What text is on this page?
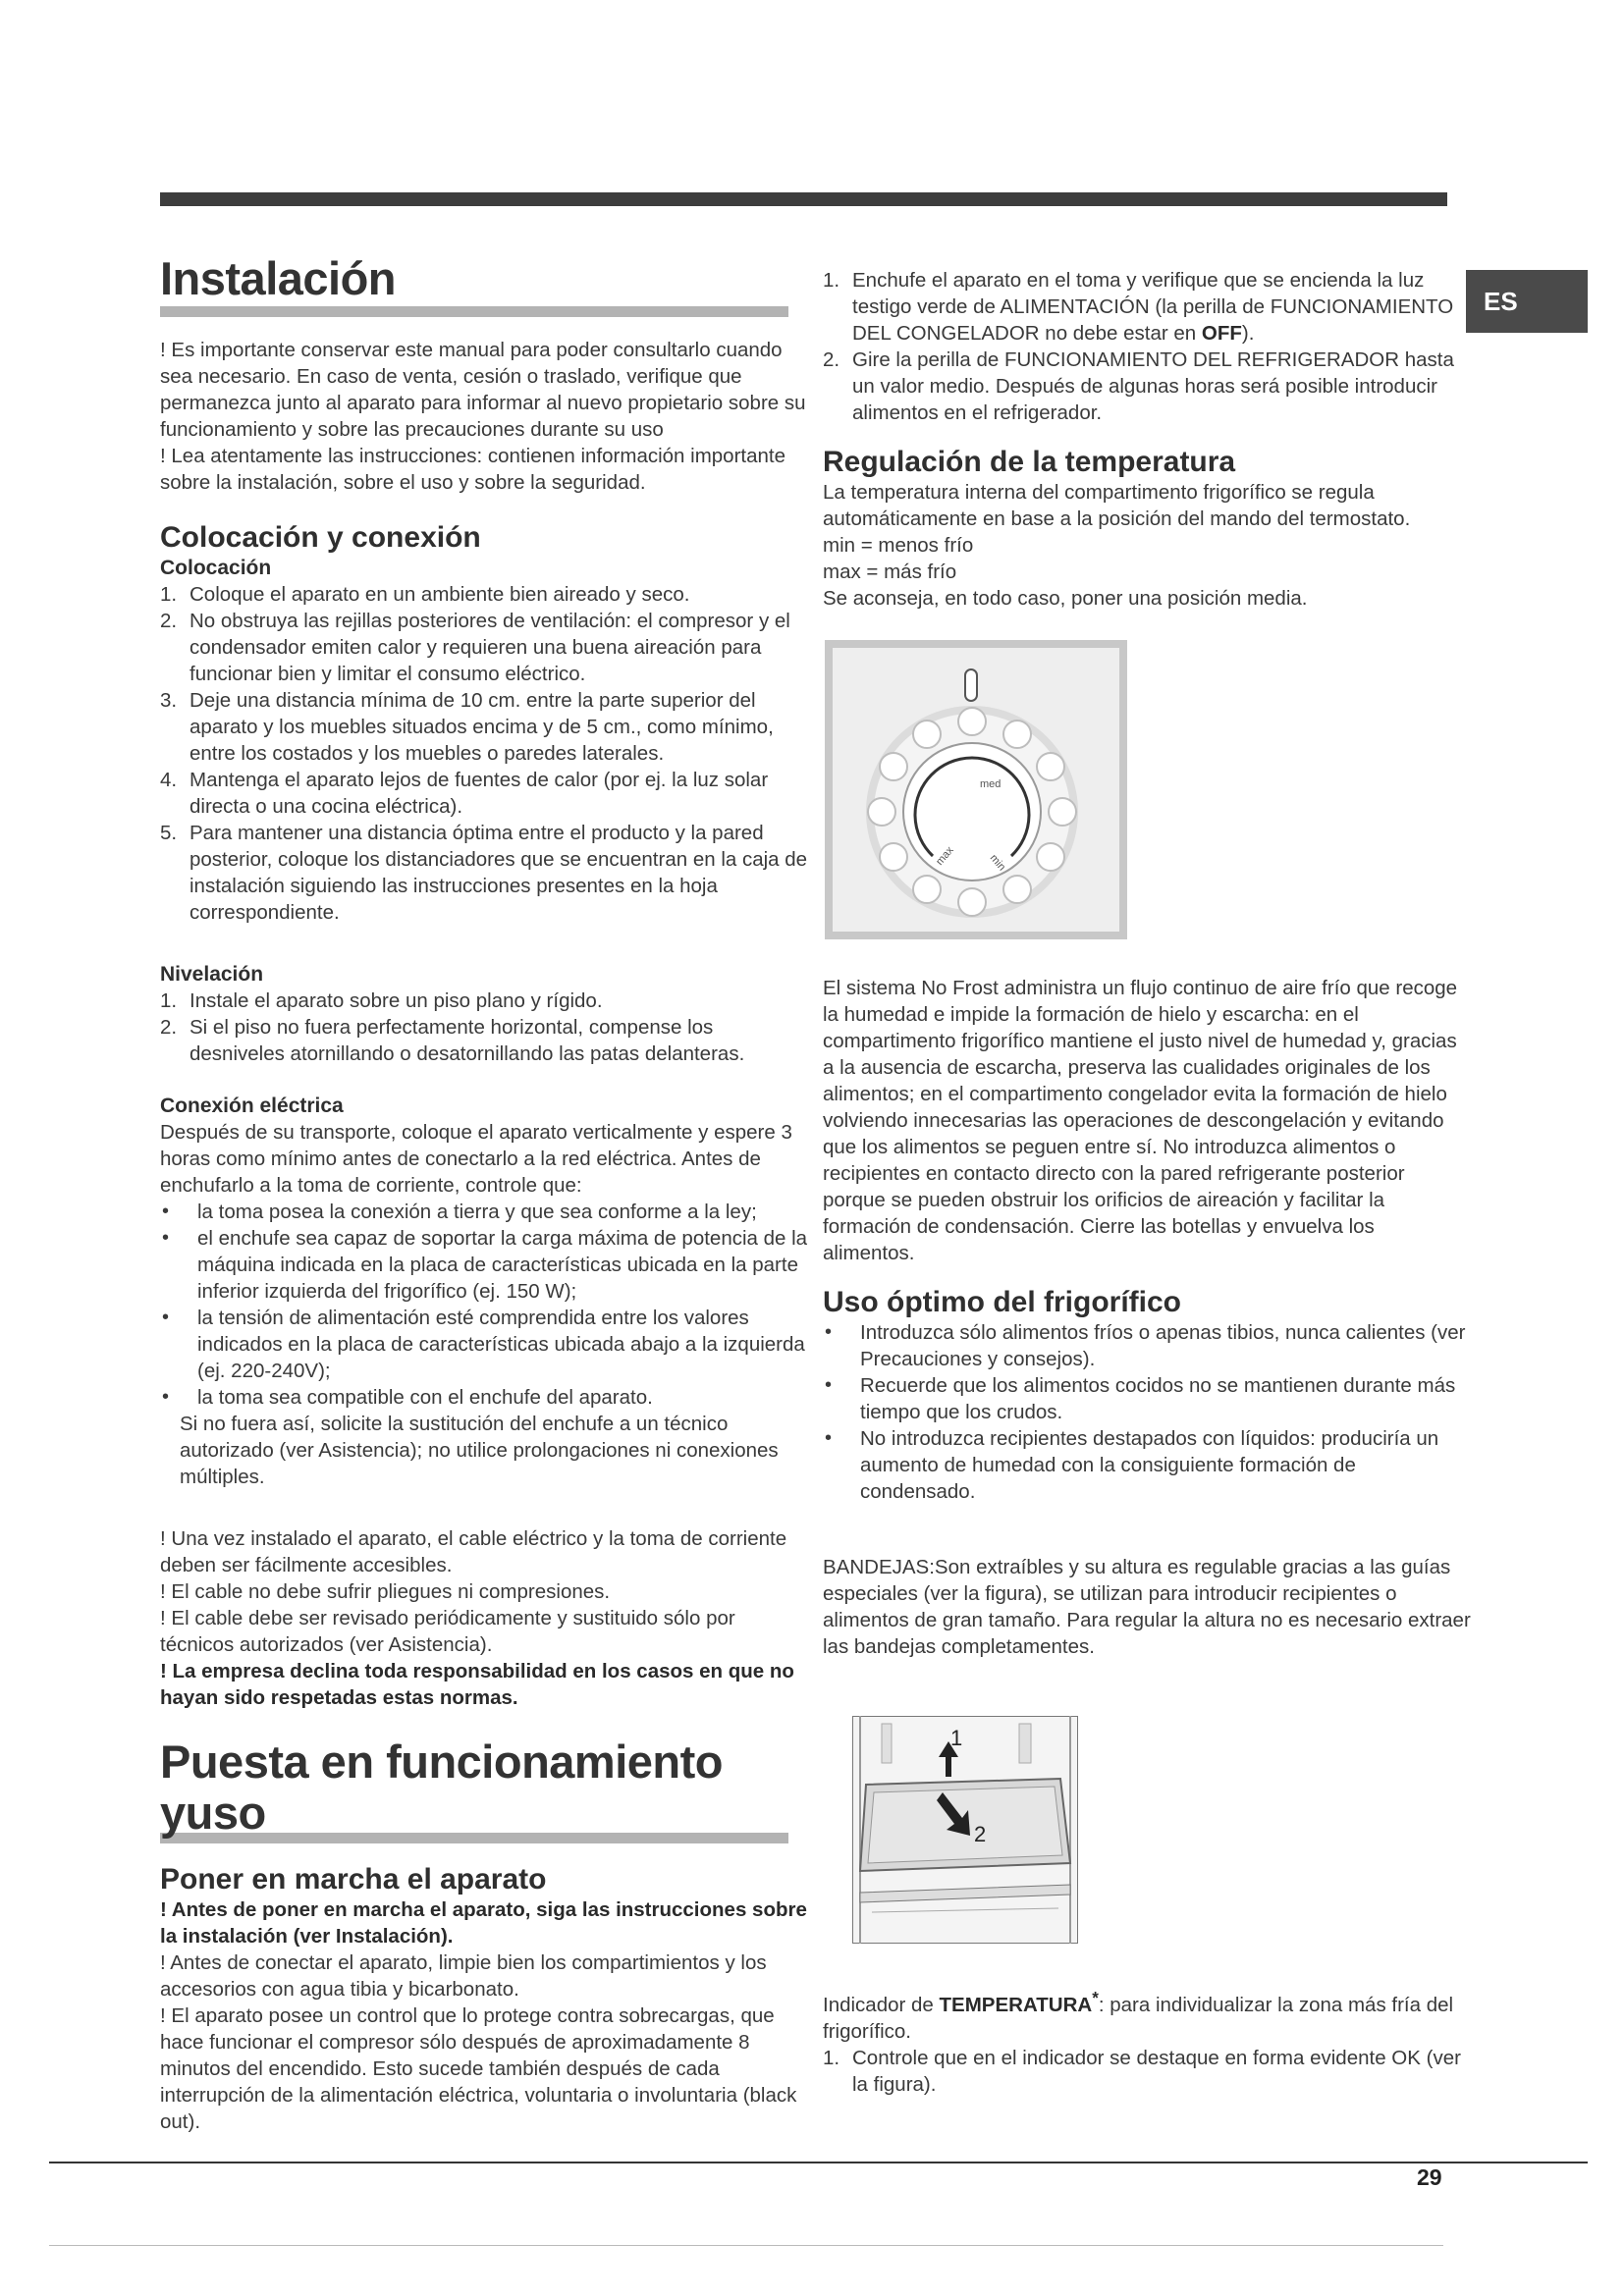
ES
Instalación

! Es importante conservar este manual para poder consultarlo cuando sea necesario. En caso de venta, cesión o traslado, verifique que permanezca junto al aparato para informar al nuevo propietario sobre su funcionamiento y sobre las precauciones durante su uso

! Lea atentamente las instrucciones: contienen información importante sobre la instalación, sobre el uso y sobre la seguridad.

Colocación y conexión
Colocación
1. Coloque el aparato en un ambiente bien aireado y seco.
2. No obstruya las rejillas posteriores de ventilación: el compresor y el condensador emiten calor y requieren una buena aireación para funcionar bien y limitar el consumo eléctrico.
3. Deje una distancia mínima de 10 cm. entre la parte superior del aparato y los muebles situados encima y de 5 cm., como mínimo, entre los costados y los muebles o paredes laterales.
4. Mantenga el aparato lejos de fuentes de calor (por ej. la luz solar directa o una cocina eléctrica).
5. Para mantener una distancia óptima entre el producto y la pared posterior, coloque los distanciadores que se encuentran en la caja de instalación siguiendo las instrucciones presentes en la hoja correspondiente.
Nivelación
1. Instale el aparato sobre un piso plano y rígido.
2. Si el piso no fuera perfectamente horizontal, compense los desniveles atornillando o desatornillando las patas delanteras.
Conexión eléctrica

Después de su transporte, coloque el aparato verticalmente y espere 3 horas como mínimo antes de conectarlo a la red eléctrica. Antes de enchufarlo a la toma de corriente, controle que:

• la toma posea la conexión a tierra y que sea conforme a la ley;
• el enchufe sea capaz de soportar la carga máxima de potencia de la máquina indicada en la placa de características ubicada en la parte inferior izquierda del frigorífico (ej. 150 W);
• la tensión de alimentación esté comprendida entre los valores indicados en la placa de características ubicada abajo a la izquierda (ej. 220-240V);
• la toma sea compatible con el enchufe del aparato.

Si no fuera así, solicite la sustitución del enchufe a un técnico autorizado (ver Asistencia); no utilice prolongaciones ni conexiones múltiples.

! Una vez instalado el aparato, el cable eléctrico y la toma de corriente deben ser fácilmente accesibles.

! El cable no debe sufrir pliegues ni compresiones.

! El cable debe ser revisado periódicamente y sustituido sólo por técnicos autorizados (ver Asistencia).

! La empresa declina toda responsabilidad en los casos en que no hayan sido respetadas estas normas.

Puesta en funcionamiento
yuso
Poner en marcha el aparato

! Antes de poner en marcha el aparato, siga las instrucciones sobre la instalación (ver Instalación).

! Antes de conectar el aparato, limpie bien los compartimientos y los accesorios con agua tibia y bicarbonato.

! El aparato posee un control que lo protege contra sobrecargas, que hace funcionar el compresor sólo después de aproximadamente 8 minutos del encendido. Esto sucede también después de cada interrupción de la alimentación eléctrica, voluntaria o involuntaria (black out).

1. Enchufe el aparato en el toma y verifique que se encienda la luz testigo verde de ALIMENTACIÓN (la perilla de FUNCIONAMIENTO DEL CONGELADOR no debe estar en OFF).
2. Gire la perilla de FUNCIONAMIENTO DEL REFRIGERADOR hasta un valor medio. Después de algunas horas será posible introducir alimentos en el refrigerador.
Regulación de la temperatura

La temperatura interna del compartimento frigorífico se regula automáticamente en base a la posición del mando del termostato.

min = menos frío

max = más frío

Se aconseja, en todo caso, poner una posición media.

med
max	min

El sistema No Frost administra un flujo continuo de aire frío que recoge la humedad e impide la formación de hielo y escarcha: en el compartimento frigorífico mantiene el justo nivel de humedad y, gracias a la ausencia de escarcha, preserva las cualidades originales de los alimentos; en el compartimento congelador evita la formación de hielo volviendo innecesarias las operaciones de descongelación y evitando que los alimentos se peguen entre sí. No introduzca alimentos o recipientes en contacto directo con la pared refrigerante posterior porque se pueden obstruir los orificios de aireación y facilitar la formación de condensación. Cierre las botellas y envuelva los alimentos.

Uso óptimo del frigorífico
• Introduzca sólo alimentos fríos o apenas tibios, nunca calientes (ver Precauciones y consejos).
• Recuerde que los alimentos cocidos no se mantienen durante más tiempo que los crudos.
• No introduzca recipientes destapados con líquidos: produciría un aumento de humedad con la consiguiente formación de condensado.

BANDEJAS:Son extraíbles y su altura es regulable gracias a las guías especiales (ver la figura), se utilizan para introducir recipientes o alimentos de gran tamaño. Para regular la altura no es necesario extraer las bandejas completamentes.

1
2

Indicador de TEMPERATURA*: para individualizar la zona más fría del frigorífico.

1. Controle que en el indicador se destaque en forma evidente OK (ver la figura).
29
